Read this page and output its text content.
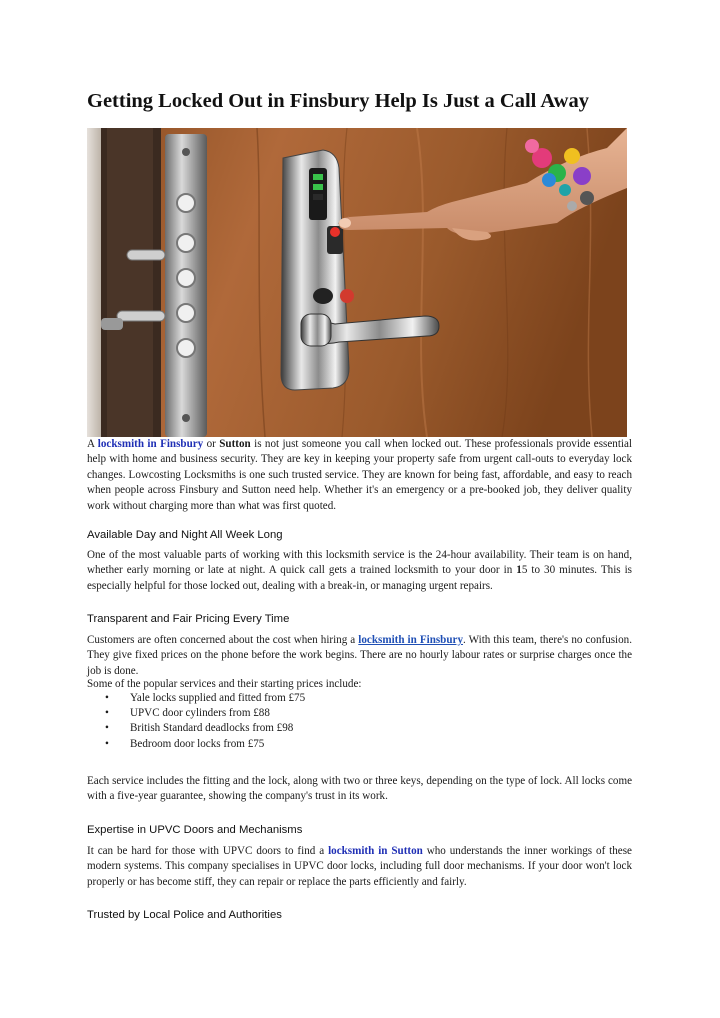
Getting Locked Out in Finsbury Help Is Just a Call Away

A locksmith in Finsbury or Sutton is not just someone you call when locked out. These professionals provide essential help with home and business security. They are key in keeping your property safe from urgent call-outs to everyday lock changes. Lowcosting Locksmiths is one such trusted service. They are known for being fast, affordable, and easy to reach when people across Finsbury and Sutton need help. Whether it's an emergency or a pre-booked job, they deliver quality work without charging more than what was first quoted.

Available Day and Night All Week Long

One of the most valuable parts of working with this locksmith service is the 24-hour availability. Their team is on hand, whether early morning or late at night. A quick call gets a trained locksmith to your door in 15 to 30 minutes. This is especially helpful for those locked out, dealing with a break-in, or managing urgent repairs.

Transparent and Fair Pricing Every Time

Customers are often concerned about the cost when hiring a locksmith in Finsbury. With this team, there's no confusion. They give fixed prices on the phone before the work begins. There are no hourly labour rates or surprise charges once the job is done.

Some of the popular services and their starting prices include:

• Yale locks supplied and fitted from £75
• UPVC door cylinders from £88
• British Standard deadlocks from £98
• Bedroom door locks from £75

Each service includes the fitting and the lock, along with two or three keys, depending on the type of lock. All locks come with a five-year guarantee, showing the company's trust in its work.

Expertise in UPVC Doors and Mechanisms

It can be hard for those with UPVC doors to find a locksmith in Sutton who understands the inner workings of these modern systems. This company specialises in UPVC door locks, including full door mechanisms. If your door won't lock properly or has become stiff, they can repair or replace the parts efficiently and fairly.

Trusted by Local Police and Authorities
